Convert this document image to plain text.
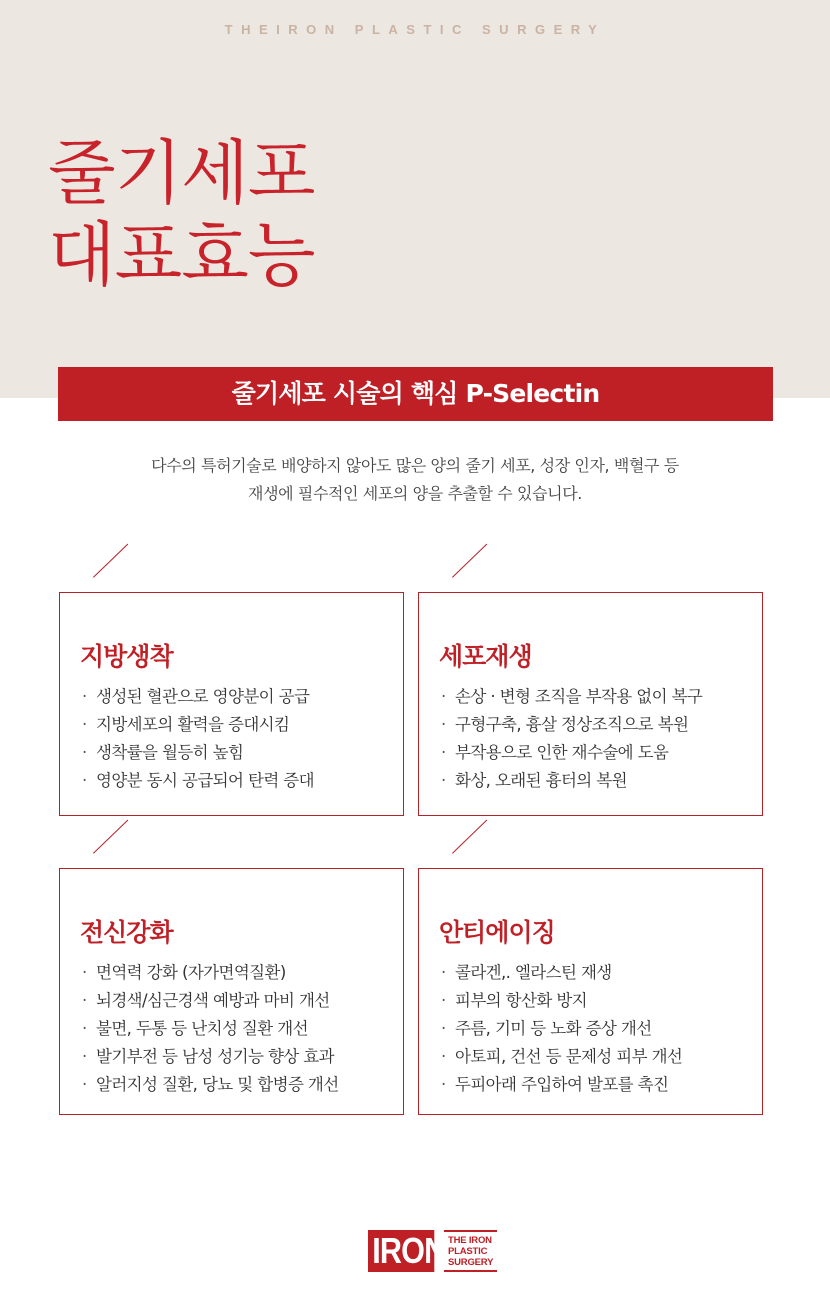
THEIRON PLASTIC SURGERY
줄기세포
대표효능
줄기세포 시술의 핵심 P-Selectin
다수의 특허기술로 배양하지 않아도 많은 양의 줄기 세포, 성장 인자, 백혈구 등
재생에 필수적인 세포의 양을 추출할 수 있습니다.
지방생착
· 생성된 혈관으로 영양분이 공급
· 지방세포의 활력을 증대시킴
· 생착률을 월등히 높힘
· 영양분 동시 공급되어 탄력 증대
세포재생
· 손상 · 변형 조직을 부작용 없이 복구
· 구형구축, 흉살 정상조직으로 복원
· 부작용으로 인한 재수술에 도움
· 화상, 오래된 흉터의 복원
전신강화
· 면역력 강화 (자가면역질환)
· 뇌경색/심근경색 예방과 마비 개선
· 불면, 두통 등 난치성 질환 개선
· 발기부전 등 남성 성기능 향상 효과
· 알러지성 질환, 당뇨 및 합병증 개선
안티에이징
· 콜라겐,. 엘라스틴 재생
· 피부의 항산화 방지
· 주름, 기미 등 노화 증상 개선
· 아토피, 건선 등 문제성 피부 개선
· 두피아래 주입하여 발포를 촉진
IRON THE IRON
PLASTIC
SURGERY
